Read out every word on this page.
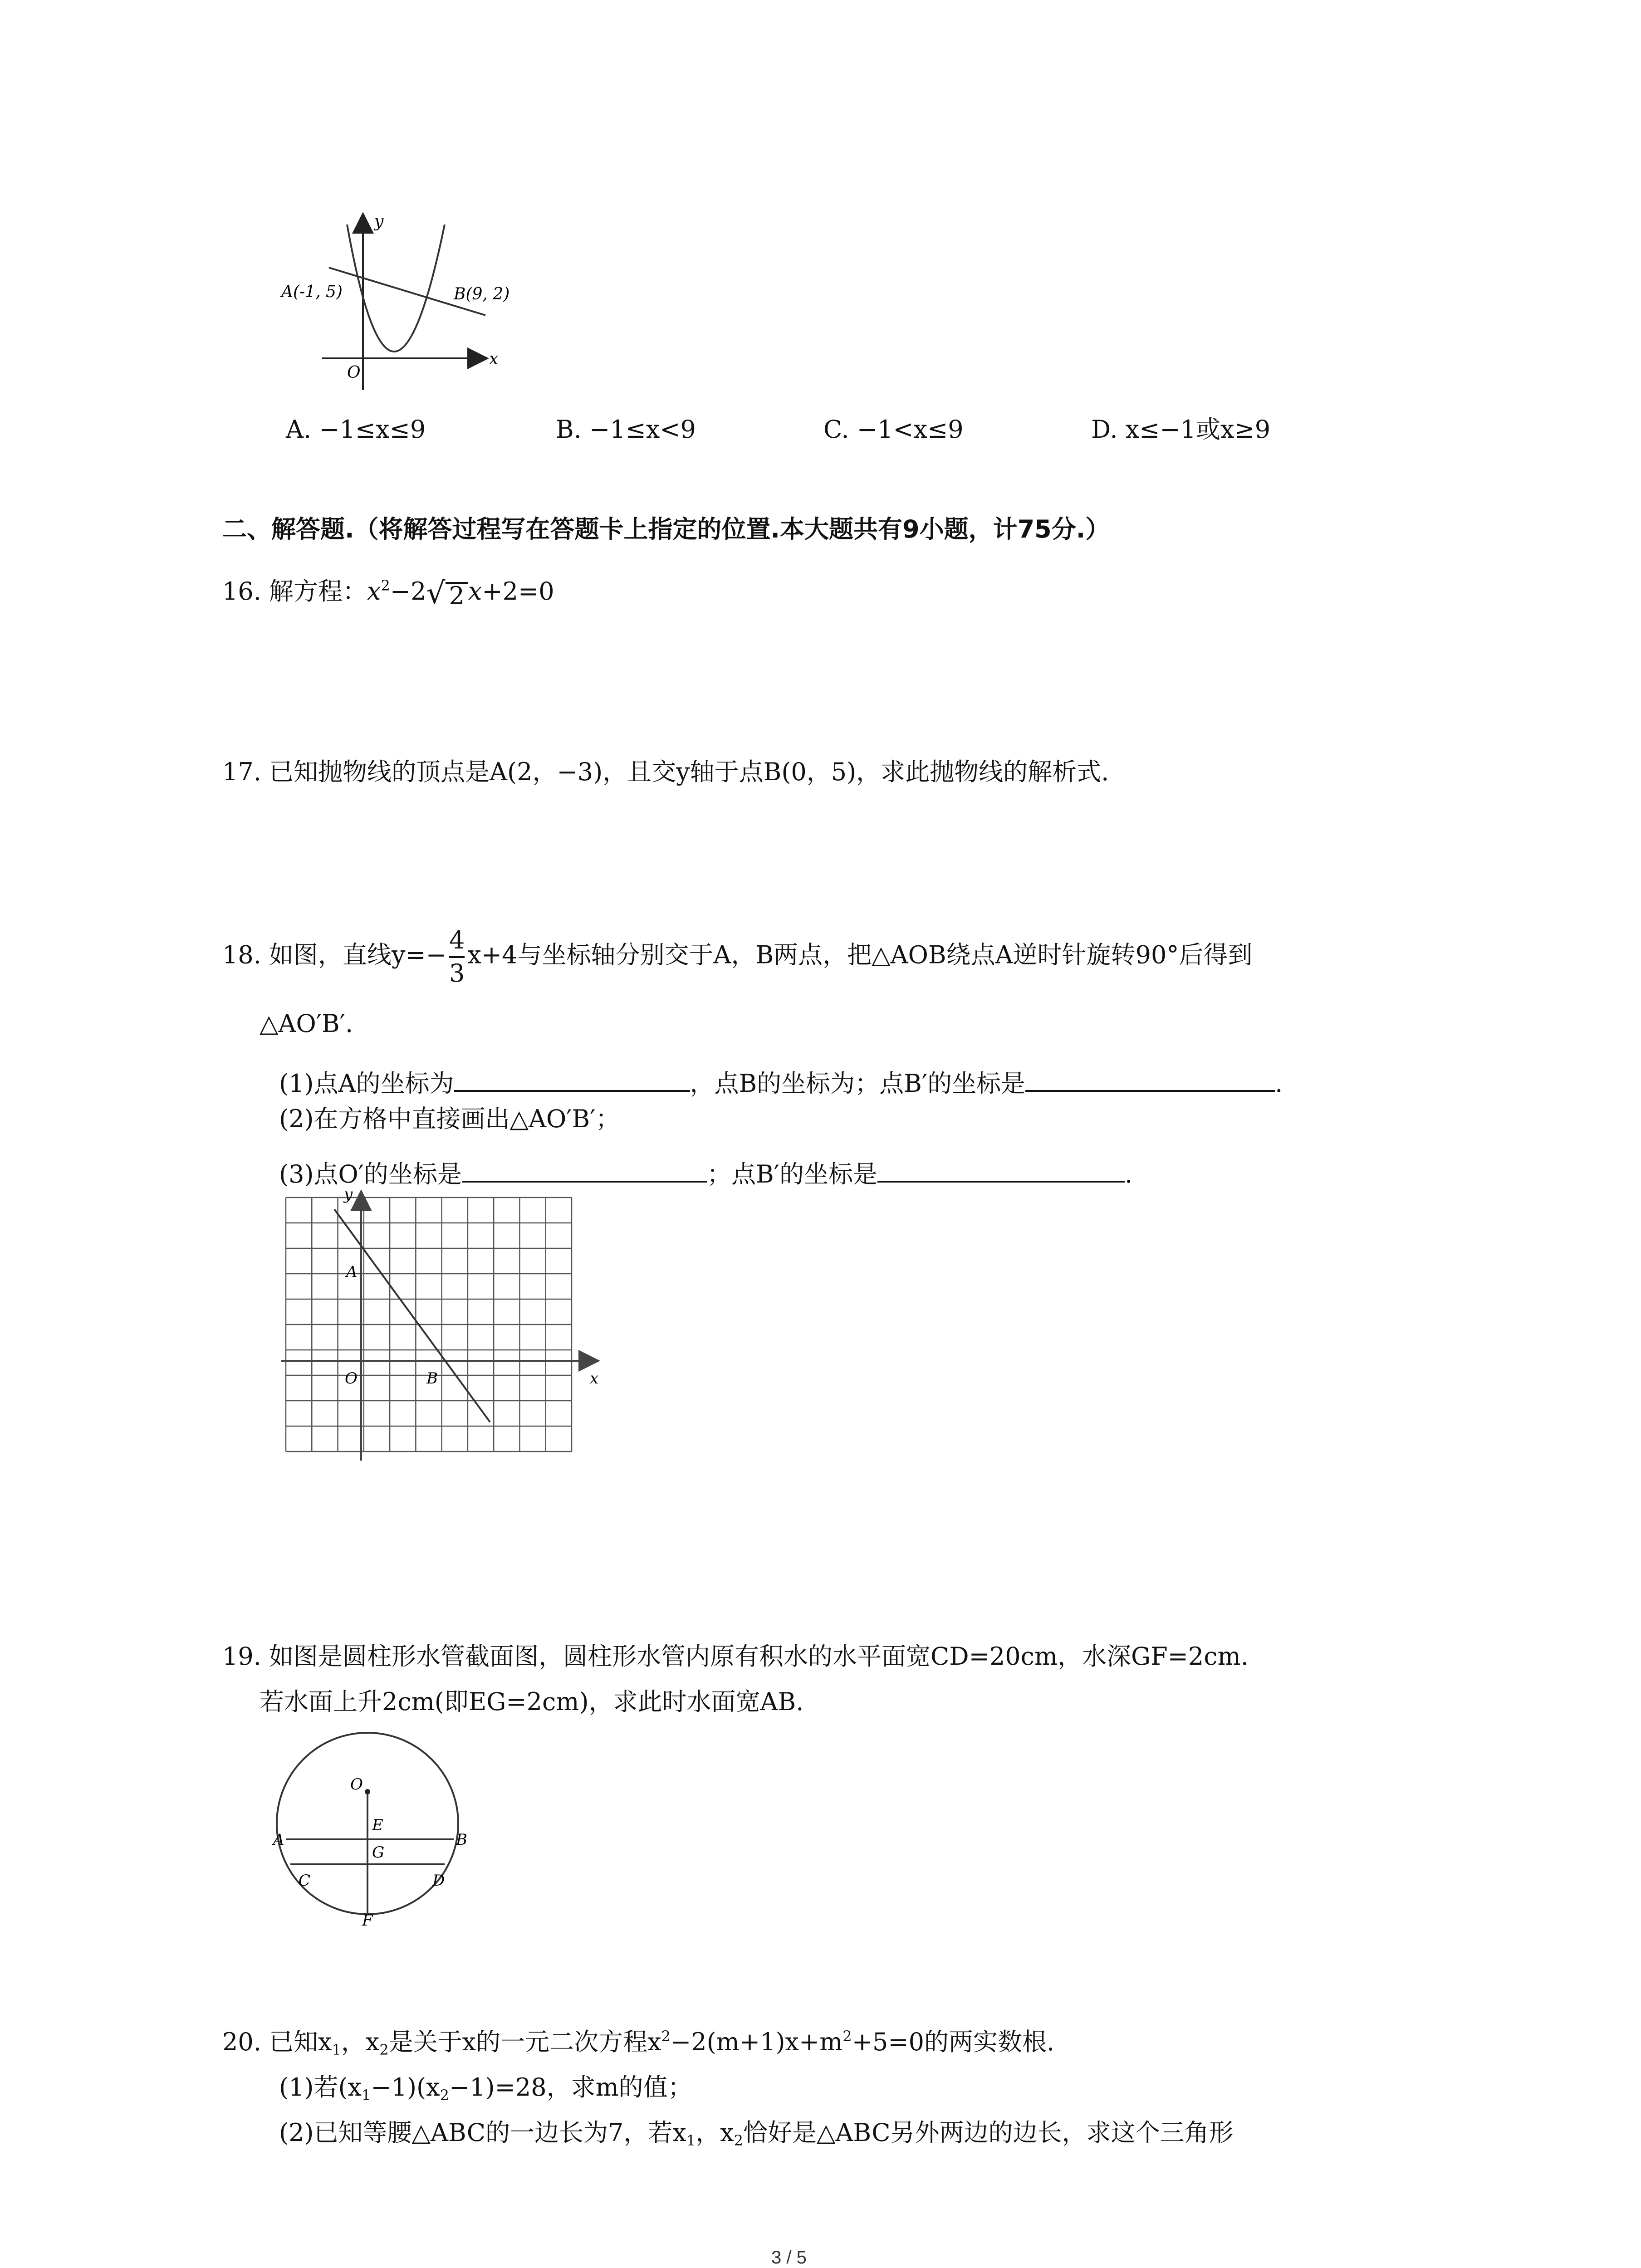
y
x
O
A(-1, 5)	B(9, 2)
A. −1≤x≤9	B. −1≤x<9	C. −1<x≤9	D. x≤−1或x≥9
二、解答题.（将解答过程写在答题卡上指定的位置.本大题共有9小题，计75分.）
16. 解方程：$x^2-2$ √ 2 x+2=0
17. 已知抛物线的顶点是A(2，−3)，且交y轴于点B(0，5)，求此抛物线的解析式.
18. 如图，直线$y=- \frac{4}{3} x+4$与坐标轴分别交于A，B两点，把△AOB绕点A逆时针旋转90°后得到
△AO′B′.
(1)点A的坐标为	，点B的坐标为；点B′的坐标是	.
(2)在方格中直接画出△AO′B′；
(3)点O′的坐标是	；点B′的坐标是	.
y
x
O
A
B
19. 如图是圆柱形水管截面图，圆柱形水管内原有积水的水平面宽CD=20cm，水深GF=2cm.
若水面上升2cm(即EG=2cm)，求此时水面宽AB.
O
E
G
A	B
C	D
F
20. 已知$x_1$，$x_2$是关于x的一元二次方程$x^2-2(m+1)x+m^2+5=0$的两实数根.
(1)若$(x_1-1)(x_2-1)=28$，求m的值；
(2)已知等腰△ABC的一边长为7，若$x_1$，$x_2$恰好是△ABC另外两边的边长，求这个三角形
3 / 5
